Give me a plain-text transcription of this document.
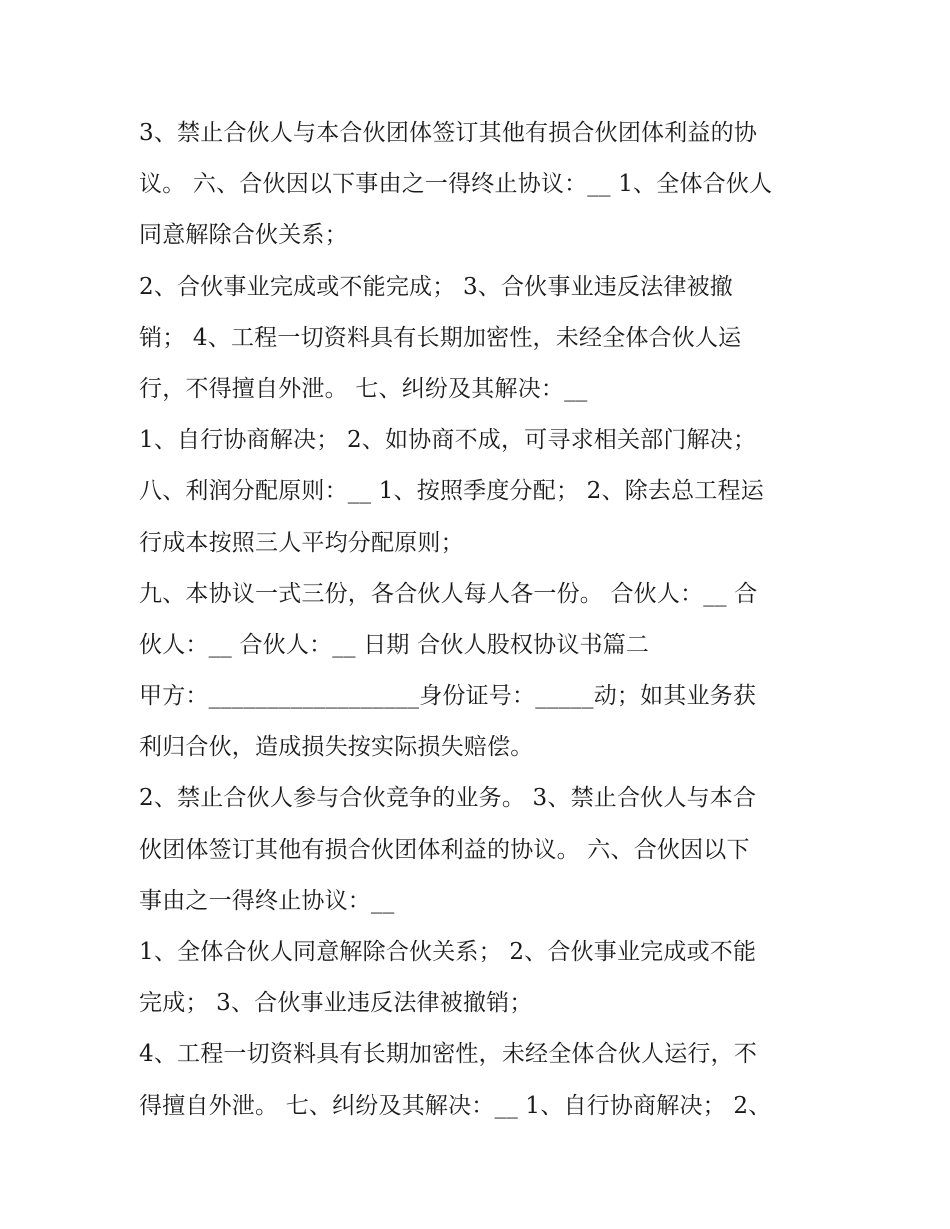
3、禁止合伙人与本合伙团体签订其他有损合伙团体利益的协
议。 六、合伙因以下事由之一得终止协议：__ 1、全体合伙人
同意解除合伙关系；
2、合伙事业完成或不能完成； 3、合伙事业违反法律被撤
销； 4、工程一切资料具有长期加密性，未经全体合伙人运
行，不得擅自外泄。 七、纠纷及其解决：__
1、自行协商解决； 2、如协商不成，可寻求相关部门解决；
八、利润分配原则：__ 1、按照季度分配； 2、除去总工程运
行成本按照三人平均分配原则；
九、本协议一式三份，各合伙人每人各一份。 合伙人：__ 合
伙人：__ 合伙人：__ 日期 合伙人股权协议书篇二
甲方：__________________身份证号：_____动；如其业务获
利归合伙，造成损失按实际损失赔偿。
2、禁止合伙人参与合伙竞争的业务。 3、禁止合伙人与本合
伙团体签订其他有损合伙团体利益的协议。 六、合伙因以下
事由之一得终止协议：__
1、全体合伙人同意解除合伙关系； 2、合伙事业完成或不能
完成； 3、合伙事业违反法律被撤销；
4、工程一切资料具有长期加密性，未经全体合伙人运行，不
得擅自外泄。 七、纠纷及其解决：__ 1、自行协商解决； 2、
